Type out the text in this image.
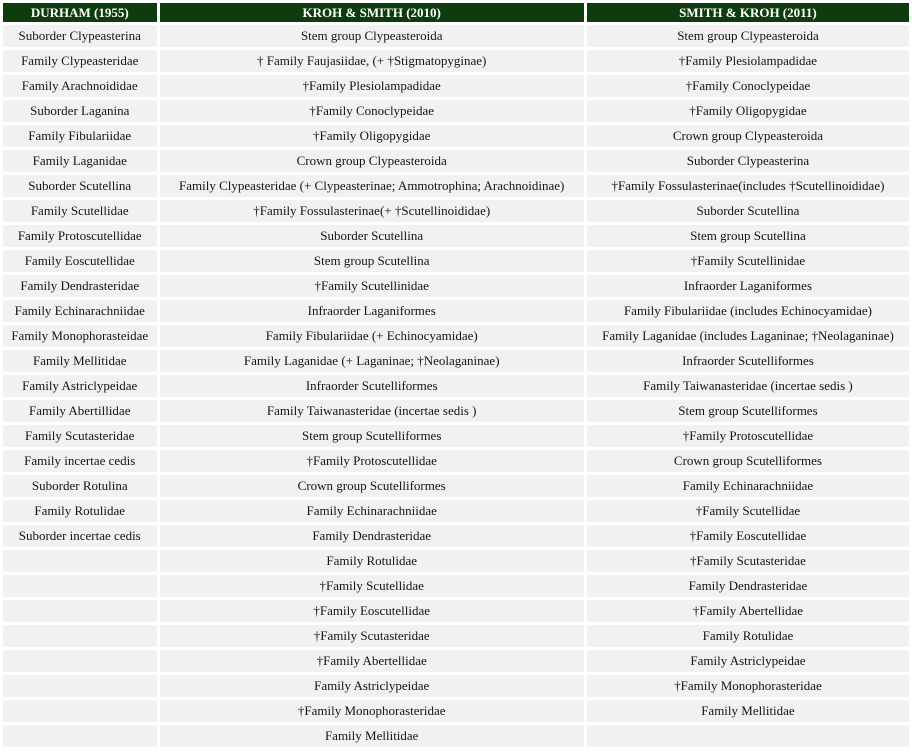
DURHAM (1955)	KROH & SMITH (2010)	SMITH & KROH (2011)
Suborder Clypeasterina	Stem group Clypeasteroida	Stem group Clypeasteroida
Family Clypeasteridae	† Family Faujasiidae, (+ †Stigmatopyginae)	†Family Plesiolampadidae
Family Arachnoididae	†Family Plesiolampadidae	†Family Conoclypeidae
Suborder Laganina	†Family Conoclypeidae	†Family Oligopygidae
Family Fibulariidae	†Family Oligopygidae	Crown group Clypeasteroida
Family Laganidae	Crown group Clypeasteroida	Suborder Clypeasterina
Suborder Scutellina	Family Clypeasteridae (+ Clypeasterinae; Ammotrophina; Arachnoidinae)	†Family Fossulasterinae(includes †Scutellinoididae)
Family Scutellidae	†Family Fossulasterinae(+ †Scutellinoididae)	Suborder Scutellina
Family Protoscutellidae	Suborder Scutellina	Stem group Scutellina
Family Eoscutellidae	Stem group Scutellina	†Family Scutellinidae
Family Dendrasteridae	†Family Scutellinidae	Infraorder Laganiformes
Family Echinarachniidae	Infraorder Laganiformes	Family Fibulariidae (includes Echinocyamidae)
Family Monophorasteidae	Family Fibulariidae (+ Echinocyamidae)	Family Laganidae (includes Laganinae; †Neolaganinae)
Family Mellitidae	Family Laganidae (+ Laganinae; †Neolaganinae)	Infraorder Scutelliformes
Family Astriclypeidae	Infraorder Scutelliformes	Family Taiwanasteridae (incertae sedis )
Family Abertillidae	Family Taiwanasteridae (incertae sedis )	Stem group Scutelliformes
Family Scutasteridae	Stem group Scutelliformes	†Family Protoscutellidae
Family incertae cedis	†Family Protoscutellidae	Crown group Scutelliformes
Suborder Rotulina	Crown group Scutelliformes	Family Echinarachniidae
Family Rotulidae	Family Echinarachniidae	†Family Scutellidae
Suborder incertae cedis	Family Dendrasteridae	†Family Eoscutellidae
	Family Rotulidae	†Family Scutasteridae
	†Family Scutellidae	Family Dendrasteridae
	†Family Eoscutellidae	†Family Abertellidae
	†Family Scutasteridae	Family Rotulidae
	†Family Abertellidae	Family Astriclypeidae
	Family Astriclypeidae	†Family Monophorasteridae
	†Family Monophorasteridae	Family Mellitidae
	Family Mellitidae	
